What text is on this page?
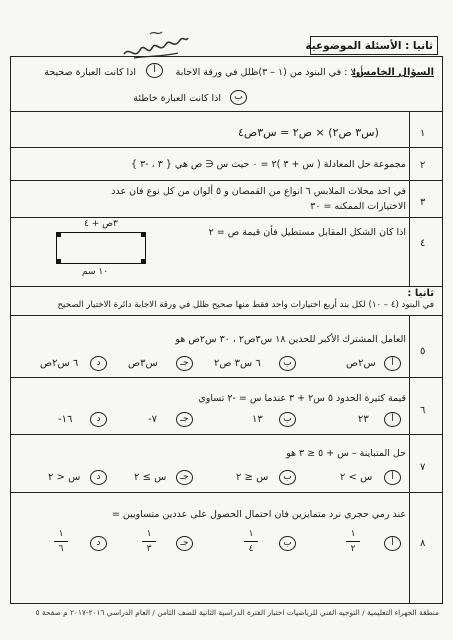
ثانيا : الأسئلة الموضوعية
السؤال الخامس:
أولا : في البنود من (١ – ٣)ظلل في ورقة الاجابة
أ
اذا كانت العبارة صحيحة
ب
اذا كانت العبارة خاطئة
١
(س٣ ص٢) × ص٢ = س٣ص٤
٢
مجموعة حل المعادلة ( س + ٣ )٢ = ٠ حيث س ∈ ص هي { ٣ ، -٣ }
٣
في احد محلات الملابس ٦ انواع من القمصان و ٥ ألوان من كل نوع فان عدد
الاختيارات الممكنه = ٣٠
٤
اذا كان الشكل المقابل مستطيل فأن قيمة ص = ٢
٣ص + ٤
١٠ سم
ثانيا :
في البنود (٤ – ١٠) لكل بند أربع اختيارات واحد فقط منها صحيح ظلل في ورقة الاجابة دائرة الاختيار الصحيح
٥
العامل المشترك الأكبر للحدين ١٨ س٣ص٢ ، ٣٠ س٢ص هو
أ
س٢ص
ب
٦ س٣ ص٢
جـ
س٣ص
د
٦ س٢ص
٦
قيمة كثيرة الحدود ٥ س٢ + ٣ عندما س = -٢ تساوي
أ
٢٣
ب
١٣
جـ
-٧
د
-١٦
٧
حل المتباينة – س + ٥ ≤ ٣ هو
أ
س > ٢
ب
س ≤ ٢
جـ
س ≥ ٢
د
س < ٢
٨
عند رمي حجري نرد متمايزين فان احتمال الحصول على عددين متساويين =
أ
١
٢
ب
١
٤
جـ
١
٣
د
١
٦
منطقة الجهراء التعليمية / التوجيه الفني للرياضيات اختبار الفترة الدراسية الثانية للصف الثامن / العام الدراسي ٢٠١٦-٢٠١٧ م صفحة ٥
